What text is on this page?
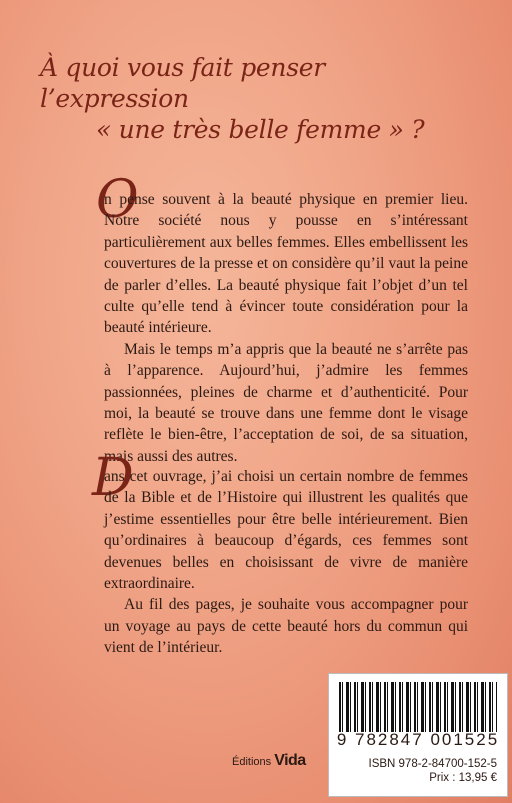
À quoi vous fait penser l’expression
« une très belle femme » ?
O

n pense souvent à la beauté physique en premier lieu. Notre société nous y pousse en s’intéressant particulièrement aux belles femmes. Elles embellissent les couvertures de la presse et on considère qu’il vaut la peine de parler d’elles. La beauté physique fait l’objet d’un tel culte qu’elle tend à évincer toute considération pour la beauté intérieure.

Mais le temps m’a appris que la beauté ne s’arrête pas à l’apparence. Aujourd’hui, j’admire les femmes passionnées, pleines de charme et d’authenticité. Pour moi, la beauté se trouve dans une femme dont le visage reflète le bien-être, l’acceptation de soi, de sa situation, mais aussi des autres.

D

ans cet ouvrage, j’ai choisi un certain nombre de femmes de la Bible et de l’Histoire qui illustrent les qualités que j’estime essentielles pour être belle intérieurement. Bien qu’ordinaires à beaucoup d’égards, ces femmes sont devenues belles en choisissant de vivre de manière extraordinaire.

Au fil des pages, je souhaite vous accompagner pour un voyage au pays de cette beauté hors du commun qui vient de l’intérieur.

Éditions Vida
9 782847 001525
ISBN 978-2-84700-152-5
Prix : 13,95 €
